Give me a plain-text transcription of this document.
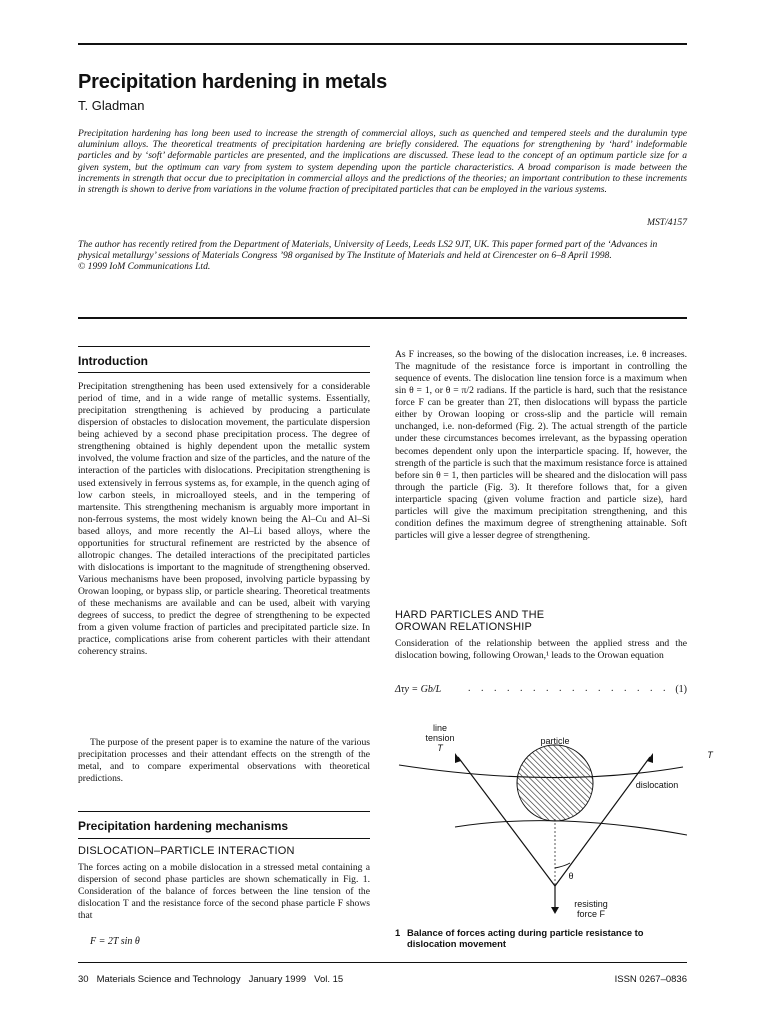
Precipitation hardening in metals
T. Gladman

Precipitation hardening has long been used to increase the strength of commercial alloys, such as quenched and tempered steels and the duralumin type aluminium alloys. The theoretical treatments of precipitation hardening are briefly considered. The equations for strengthening by ‘hard’ indeformable particles and by ‘soft’ deformable particles are presented, and the implications are discussed. These lead to the concept of an optimum particle size for a given system, but the optimum can vary from system to system depending upon the particle characteristics. A broad comparison is made between the increments in strength that occur due to precipitation in commercial alloys and the predictions of the theories; an important contribution to these increments in strength is shown to derive from variations in the volume fraction of precipitated particles that can be employed in the various systems.

MST/4157
The author has recently retired from the Department of Materials, University of Leeds, Leeds LS2 9JT, UK. This paper formed part of the ‘Advances in physical metallurgy’ sessions of Materials Congress ’98 organised by The Institute of Materials and held at Cirencester on 6–8 April 1998.
© 1999 IoM Communications Ltd.
Introduction

Precipitation strengthening has been used extensively for a considerable period of time, and in a wide range of metallic systems. Essentially, precipitation strengthening is achieved by producing a particulate dispersion of obstacles to dislocation movement, the particulate dispersion being achieved by a second phase precipitation process. The degree of strengthening obtained is highly dependent upon the metallic system involved, the volume fraction and size of the particles, and the nature of the interaction of the particles with dislocations. Precipitation strengthening is used extensively in ferrous systems as, for example, in the quench aging of low carbon steels, in microalloyed steels, and in the tempering of martensite. This strengthening mechanism is arguably more important in non-ferrous systems, the most widely known being the Al–Cu and Al–Si based alloys, and more recently the Al–Li based alloys, where the opportunities for structural refinement are restricted by the absence of allotropic changes. The detailed interactions of the precipitated particles with dislocations is important to the magnitude of strengthening observed. Various mechanisms have been proposed, involving particle bypassing by Orowan looping, or bypass slip, or particle shearing. Theoretical treatments of these mechanisms are available and can be used, albeit with varying degrees of success, to predict the degree of strengthening to be expected from a given volume fraction of particles and precipitated particle size. In practice, complications arise from coherent particles with their attendant coherency strains.

The purpose of the present paper is to examine the nature of the various precipitation processes and their attendant effects on the strength of the metal, and to compare experimental observations with theoretical predictions.

Precipitation hardening mechanisms
DISLOCATION–PARTICLE INTERACTION

The forces acting on a mobile dislocation in a stressed metal containing a dispersion of second phase particles are shown schematically in Fig. 1. Consideration of the balance of forces between the line tension of the dislocation T and the resistance force of the second phase particle F shows that

F = 2T sin θ

As F increases, so the bowing of the dislocation increases, i.e. θ increases. The magnitude of the resistance force is important in controlling the sequence of events. The dislocation line tension force is a maximum when sin θ = 1, or θ = π/2 radians. If the particle is hard, such that the resistance force F can be greater than 2T, then dislocations will bypass the particle either by Orowan looping or cross-slip and the particle will remain unchanged, i.e. non-deformed (Fig. 2). The actual strength of the particle under these circumstances becomes irrelevant, as the bypassing operation becomes dependent only upon the interparticle spacing. If, however, the strength of the particle is such that the maximum resistance force is attained before sin θ = 1, then particles will be sheared and the dislocation will pass through the particle (Fig. 3). It therefore follows that, for a given interparticle spacing (given volume fraction and particle size), hard particles will give the maximum precipitation strengthening, and this condition defines the maximum degree of strengthening attainable. Soft particles will give a lesser degree of strengthening.

HARD PARTICLES AND THE
OROWAN RELATIONSHIP

Consideration of the relationship between the applied stress and the dislocation bowing, following Orowan,¹ leads to the Orowan equation

Δτy = Gb/L	(1)
. . . . . . . . . . . . . . . .
line
tension
T
particle
T
dislocation
θ
resisting
force F
1 Balance of forces acting during particle resistance to
dislocation movement
30 Materials Science and Technology January 1999 Vol. 15	ISSN 0267–0836
